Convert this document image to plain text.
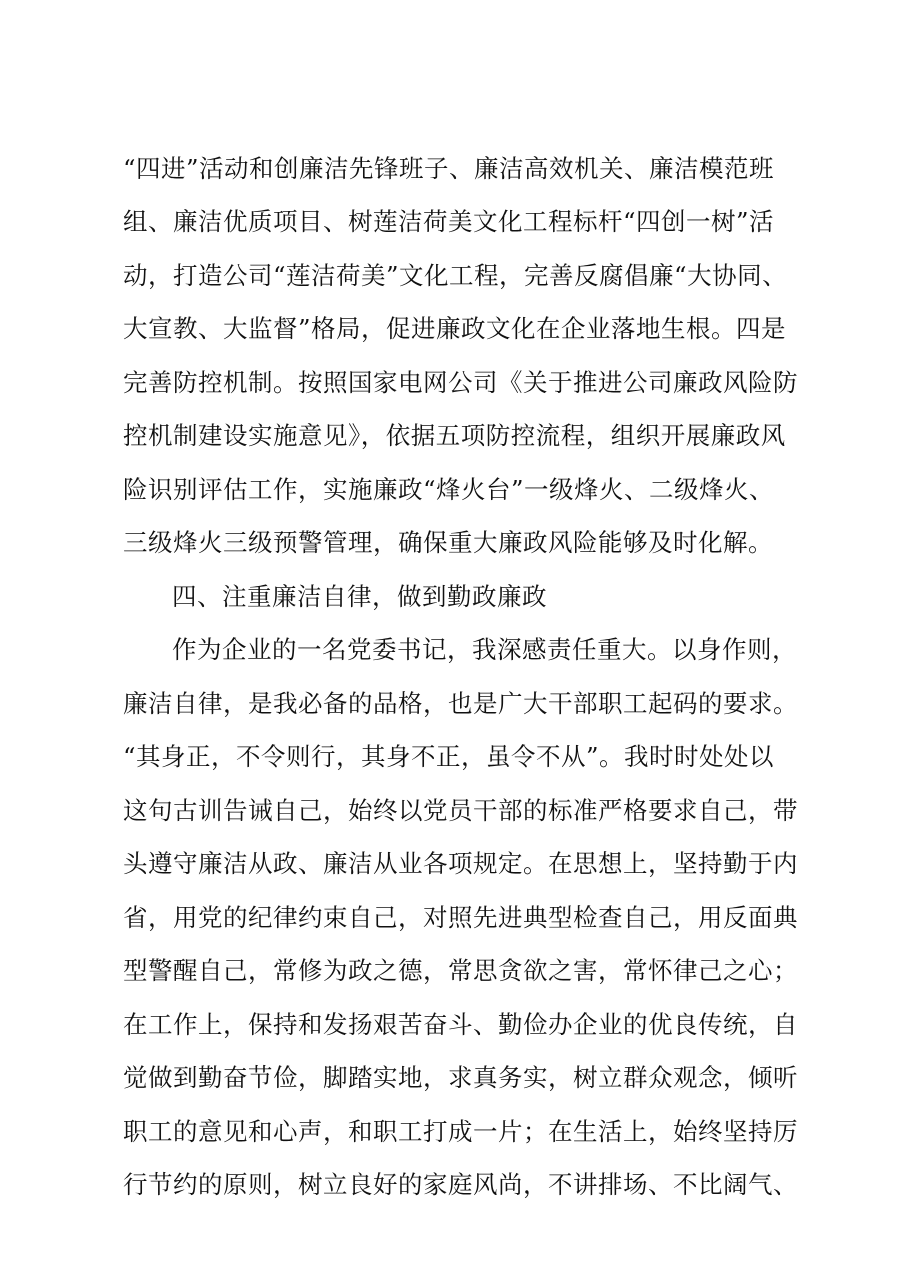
“四进”活动和创廉洁先锋班子、廉洁高效机关、廉洁模范班
组、廉洁优质项目、树莲洁荷美文化工程标杆“四创一树”活
动，打造公司“莲洁荷美”文化工程，完善反腐倡廉“大协同、
大宣教、大监督”格局，促进廉政文化在企业落地生根。四是
完善防控机制。按照国家电网公司《关于推进公司廉政风险防
控机制建设实施意见》，依据五项防控流程，组织开展廉政风
险识别评估工作，实施廉政“烽火台”一级烽火、二级烽火、
三级烽火三级预警管理，确保重大廉政风险能够及时化解。
四、注重廉洁自律，做到勤政廉政
作为企业的一名党委书记，我深感责任重大。以身作则，
廉洁自律，是我必备的品格，也是广大干部职工起码的要求。
“其身正，不令则行，其身不正，虽令不从”。我时时处处以
这句古训告诫自己，始终以党员干部的标准严格要求自己，带
头遵守廉洁从政、廉洁从业各项规定。在思想上，坚持勤于内
省，用党的纪律约束自己，对照先进典型检查自己，用反面典
型警醒自己，常修为政之德，常思贪欲之害，常怀律己之心；
在工作上，保持和发扬艰苦奋斗、勤俭办企业的优良传统，自
觉做到勤奋节俭，脚踏实地，求真务实，树立群众观念，倾听
职工的意见和心声，和职工打成一片；在生活上，始终坚持厉
行节约的原则，树立良好的家庭风尚，不讲排场、不比阔气、
